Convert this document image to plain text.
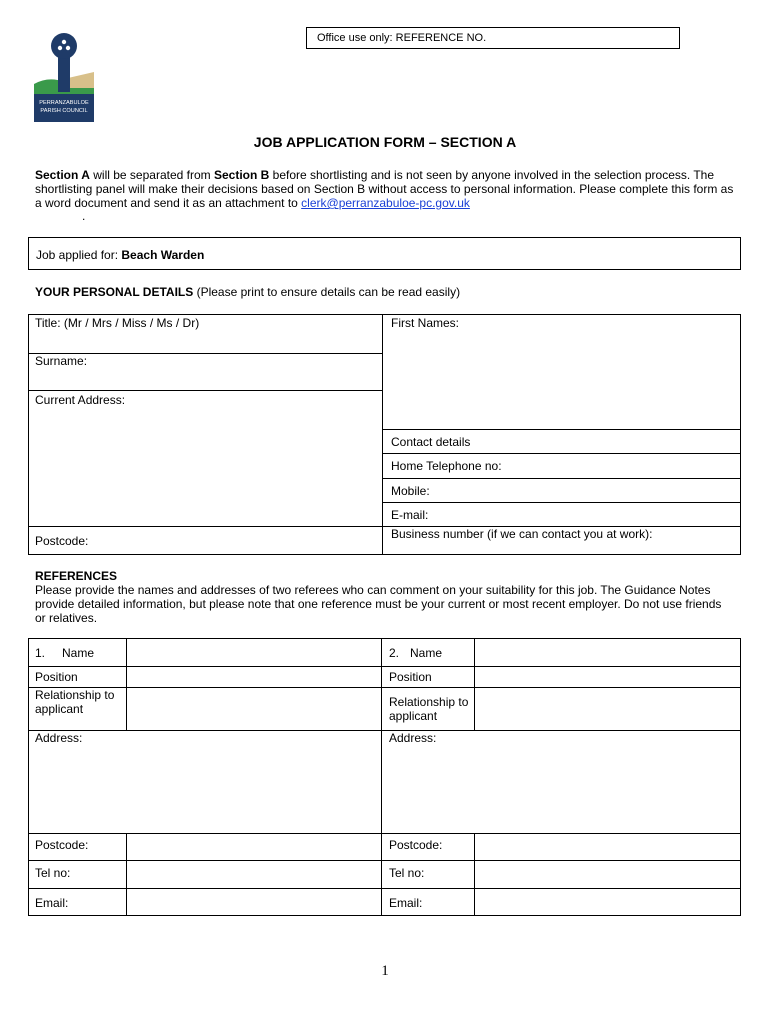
Office use only: REFERENCE NO.
PERRANZABULOE
PARISH COUNCIL
JOB APPLICATION FORM – SECTION A
Section A will be separated from Section B before shortlisting and is not seen by anyone involved in the selection process. The shortlisting panel will make their decisions based on Section B without access to personal information. Please complete this form as a word document and send it as an attachment to clerk@perranzabuloe-pc.gov.uk
.
Job applied for: Beach Warden
YOUR PERSONAL DETAILS (Please print to ensure details can be read easily)
Title: (Mr / Mrs / Miss / Ms / Dr)	First Names:
Surname:
Current Address:
Contact details
Home Telephone no:
Mobile:
E-mail:
Business number (if we can contact you at work):
Postcode:
REFERENCES
Please provide the names and addresses of two referees who can comment on your suitability for this job. The Guidance Notes provide detailed information, but please note that one reference must be your current or most recent employer. Do not use friends or relatives.
1. Name
Position
Relationship to applicant
Address:
Postcode:
Tel no:
Email:
2. Name
Position
Relationship to applicant
Address:
Postcode:
Tel no:
Email:
1
